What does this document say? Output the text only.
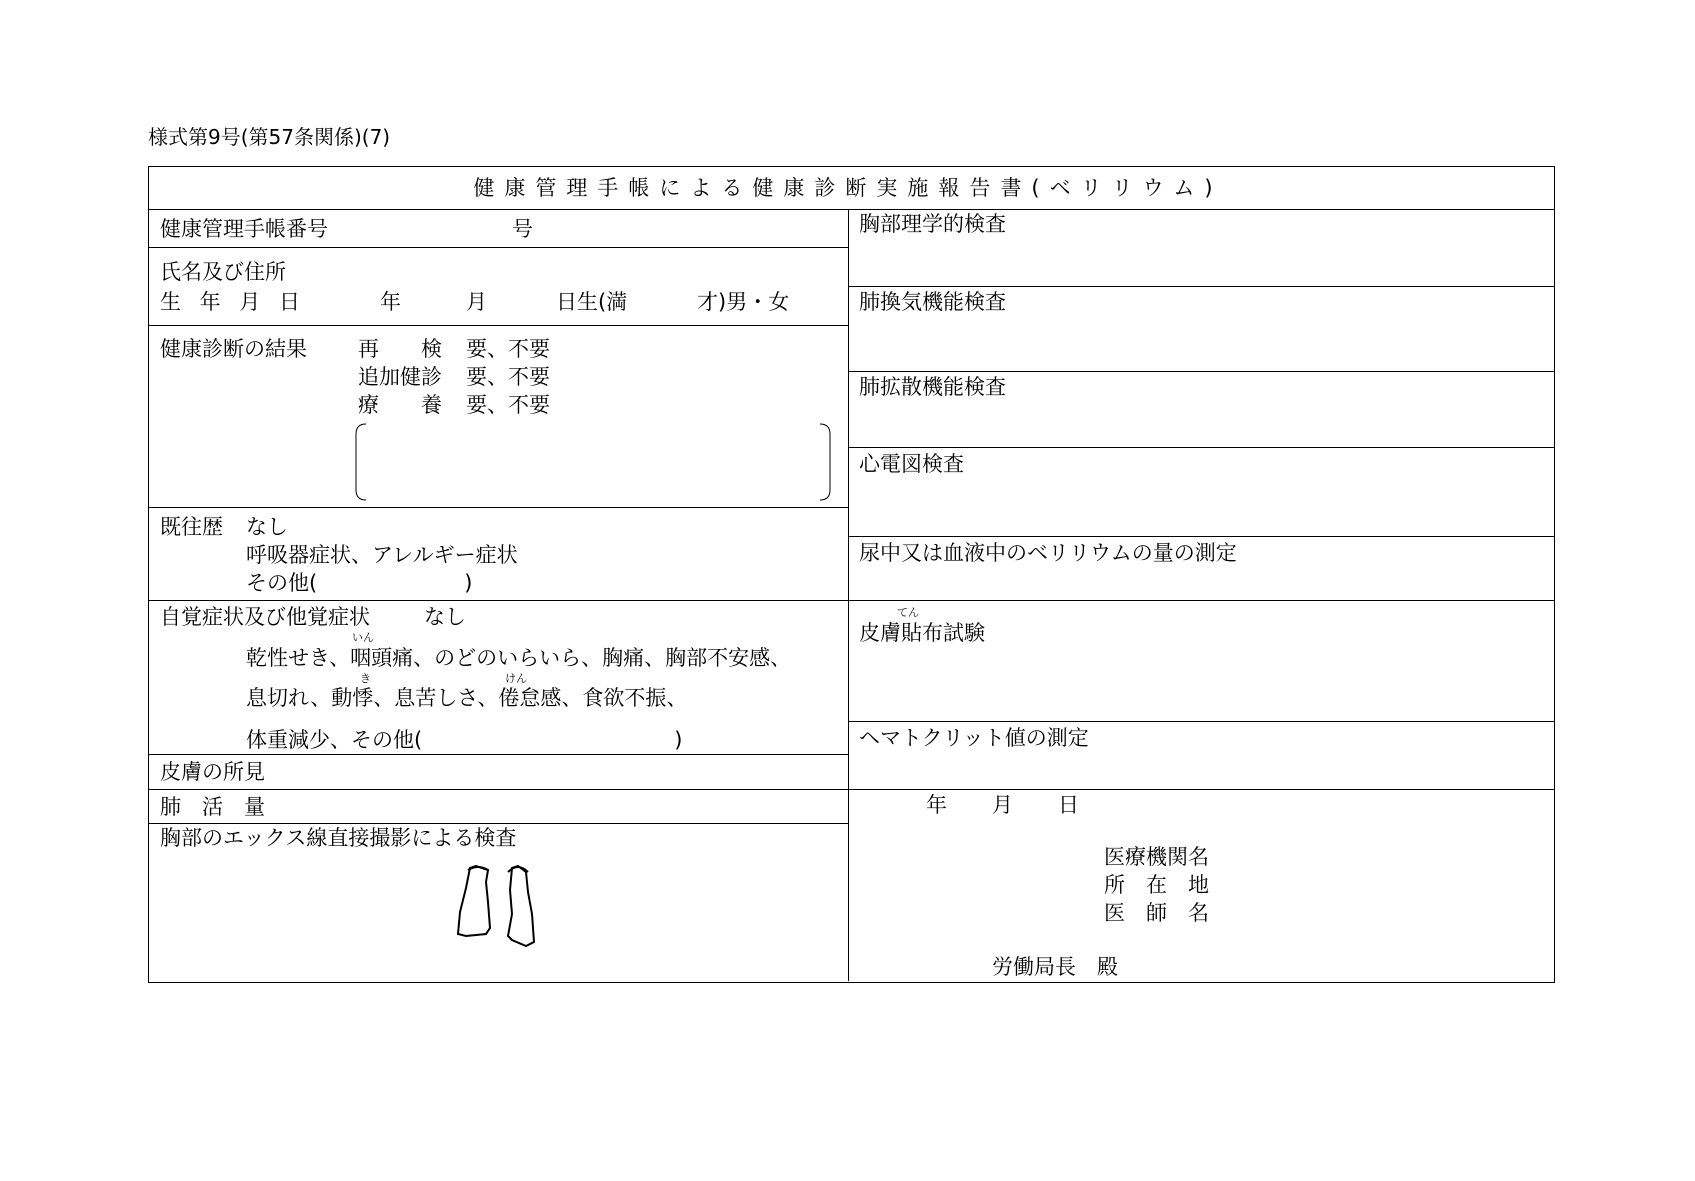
様式第9号(第57条関係)(7)
健康管理手帳による健康診断実施報告書(ベリリウム)
健康管理手帳番号	号
氏名及び住所
生 年 月 日	年	月	日生(満	才)男・女
健康診断の結果 再　　検 要、不要
追加健診 要、不要
療　　養 要、不要
既往歴 なし
呼吸器症状、アレルギー症状
その他(　　　　　　　)
自覚症状及び他覚症状	なし
いん
乾性せき、咽頭痛、のどのいらいら、胸痛、胸部不安感、
き	けん
息切れ、動悸、息苦しさ、倦怠感、食欲不振、
体重減少、その他(　　　　　　　　　　　　)
皮膚の所見
肺　活　量
胸部のエックス線直接撮影による検査
胸部理学的検査
肺換気機能検査
肺拡散機能検査
心電図検査
尿中又は血液中のベリリウムの量の測定
てん
皮膚貼布試験
ヘマトクリット値の測定
年 月 日
医療機関名
所　在　地
医　師　名
労働局長　殿
